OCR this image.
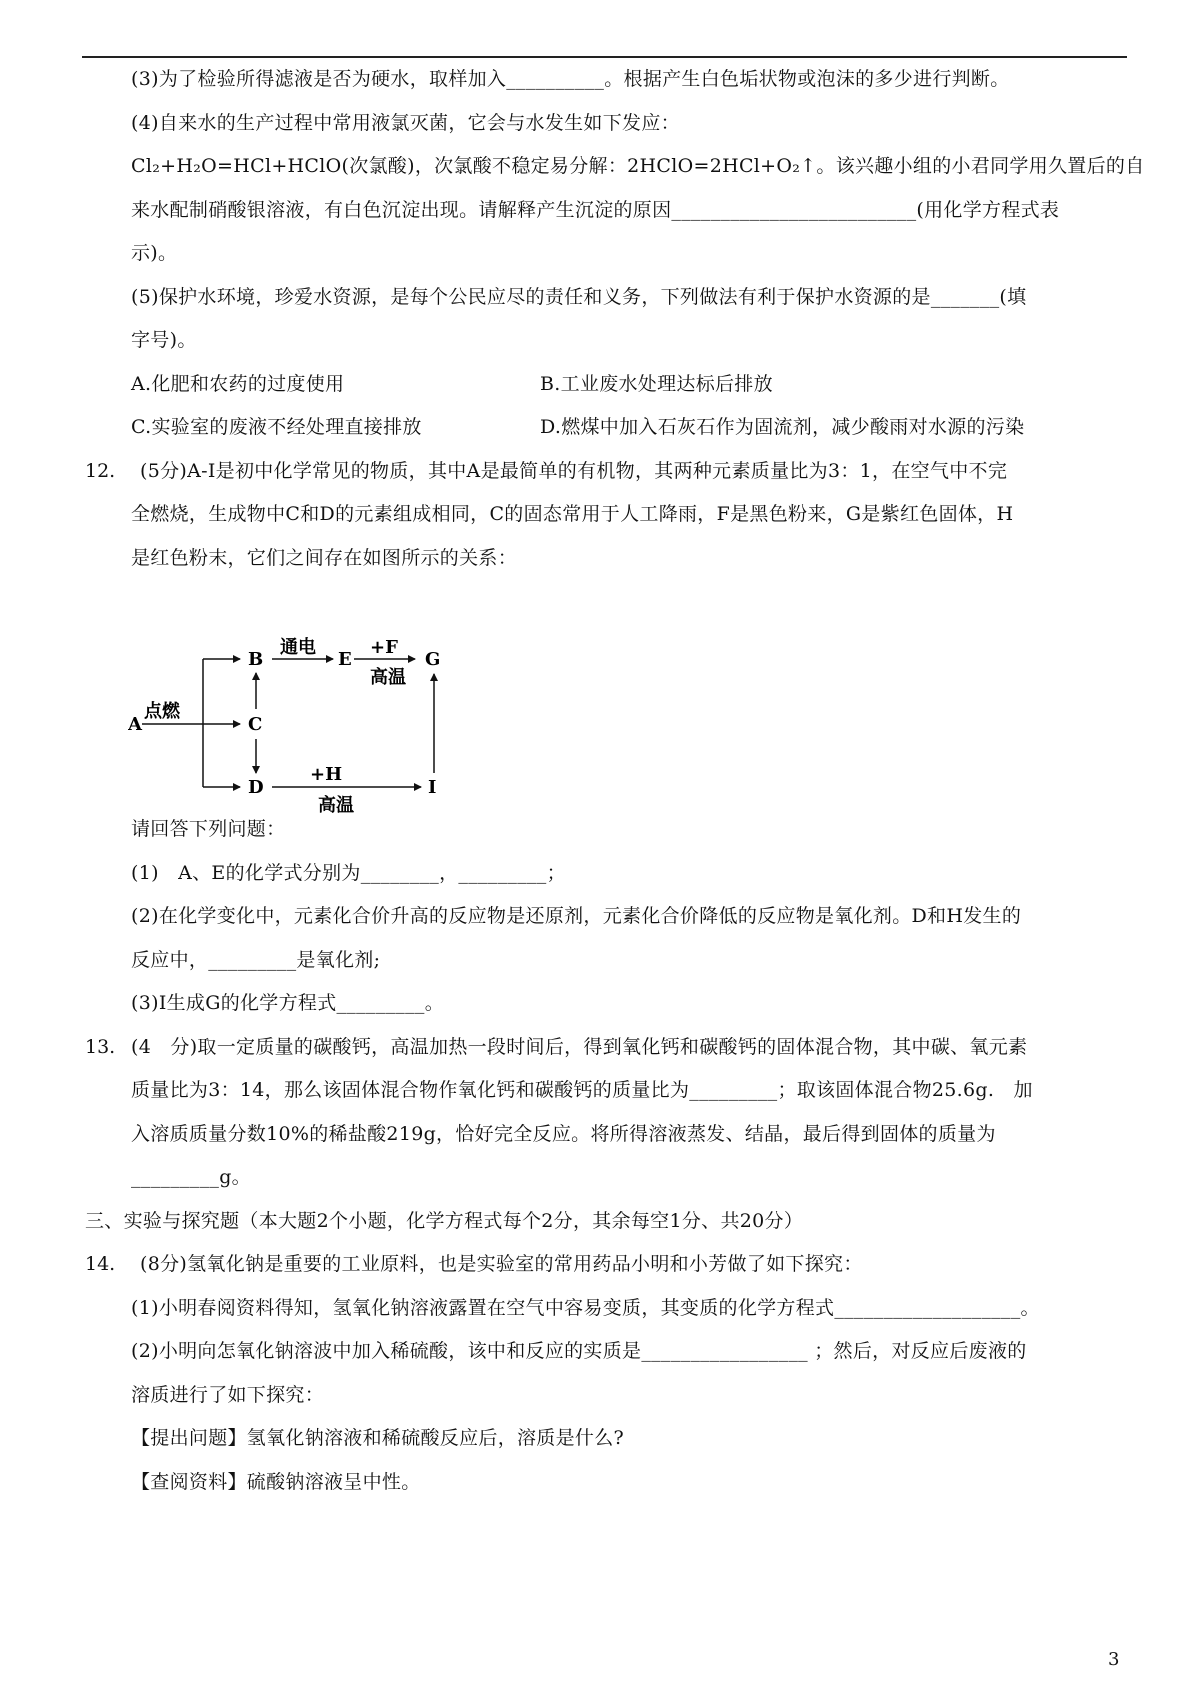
(3)为了检验所得滤液是否为硬水，取样加入__________。根据产生白色垢状物或泡沫的多少进行判断。
(4)自来水的生产过程中常用液氯灭菌，它会与水发生如下发应：
Cl₂+H₂O=HCl+HClO(次氯酸)，次氯酸不稳定易分解：2HClO=2HCl+O₂↑。该兴趣小组的小君同学用久置后的自
来水配制硝酸银溶液，有白色沉淀出现。请解释产生沉淀的原因_________________________(用化学方程式表
示)。
(5)保护水环境，珍爱水资源，是每个公民应尽的责任和义务，下列做法有利于保护水资源的是_______(填
字号)。
A.化肥和农药的过度使用	B.工业废水处理达标后排放
C.实验室的废液不经处理直接排放	D.燃煤中加入石灰石作为固流剂，减少酸雨对水源的污染
12. (5分)A-I是初中化学常见的物质，其中A是最简单的有机物，其两种元素质量比为3：1，在空气中不完
全燃烧，生成物中C和D的元素组成相同，C的固态常用于人工降雨，F是黑色粉来，G是紫红色固体，H
是红色粉末，它们之间存在如图所示的关系：
A
B
C
D
E	G
I
点燃
通电	+F
高温
+H
高温
请回答下列问题：
(1)　A、E的化学式分别为________，_________；
(2)在化学变化中，元素化合价升高的反应物是还原剂，元素化合价降低的反应物是氧化剂。D和H发生的
反应中，_________是氧化剂;
(3)I生成G的化学方程式_________。
13. (4　分)取一定质量的碳酸钙，高温加热一段时间后，得到氧化钙和碳酸钙的固体混合物，其中碳、氧元素
质量比为3：14，那么该固体混合物作氧化钙和碳酸钙的质量比为_________；取该固体混合物25.6g.　加
入溶质质量分数10%的稀盐酸219g，恰好完全反应。将所得溶液蒸发、结晶，最后得到固体的质量为
_________g。
三、实验与探究题（本大题2个小题，化学方程式每个2分，其余每空1分、共20分）
14. (8分)氢氧化钠是重要的工业原料，也是实验室的常用药品小明和小芳做了如下探究：
(1)小明春阅资料得知，氢氧化钠溶液露置在空气中容易变质，其变质的化学方程式___________________。
(2)小明向怎氧化钠溶波中加入稀硫酸，该中和反应的实质是_________________ ；然后，对反应后废液的
溶质进行了如下探究：
【提出问题】氢氧化钠溶液和稀硫酸反应后，溶质是什么?
【查阅资料】硫酸钠溶液呈中性。
3
